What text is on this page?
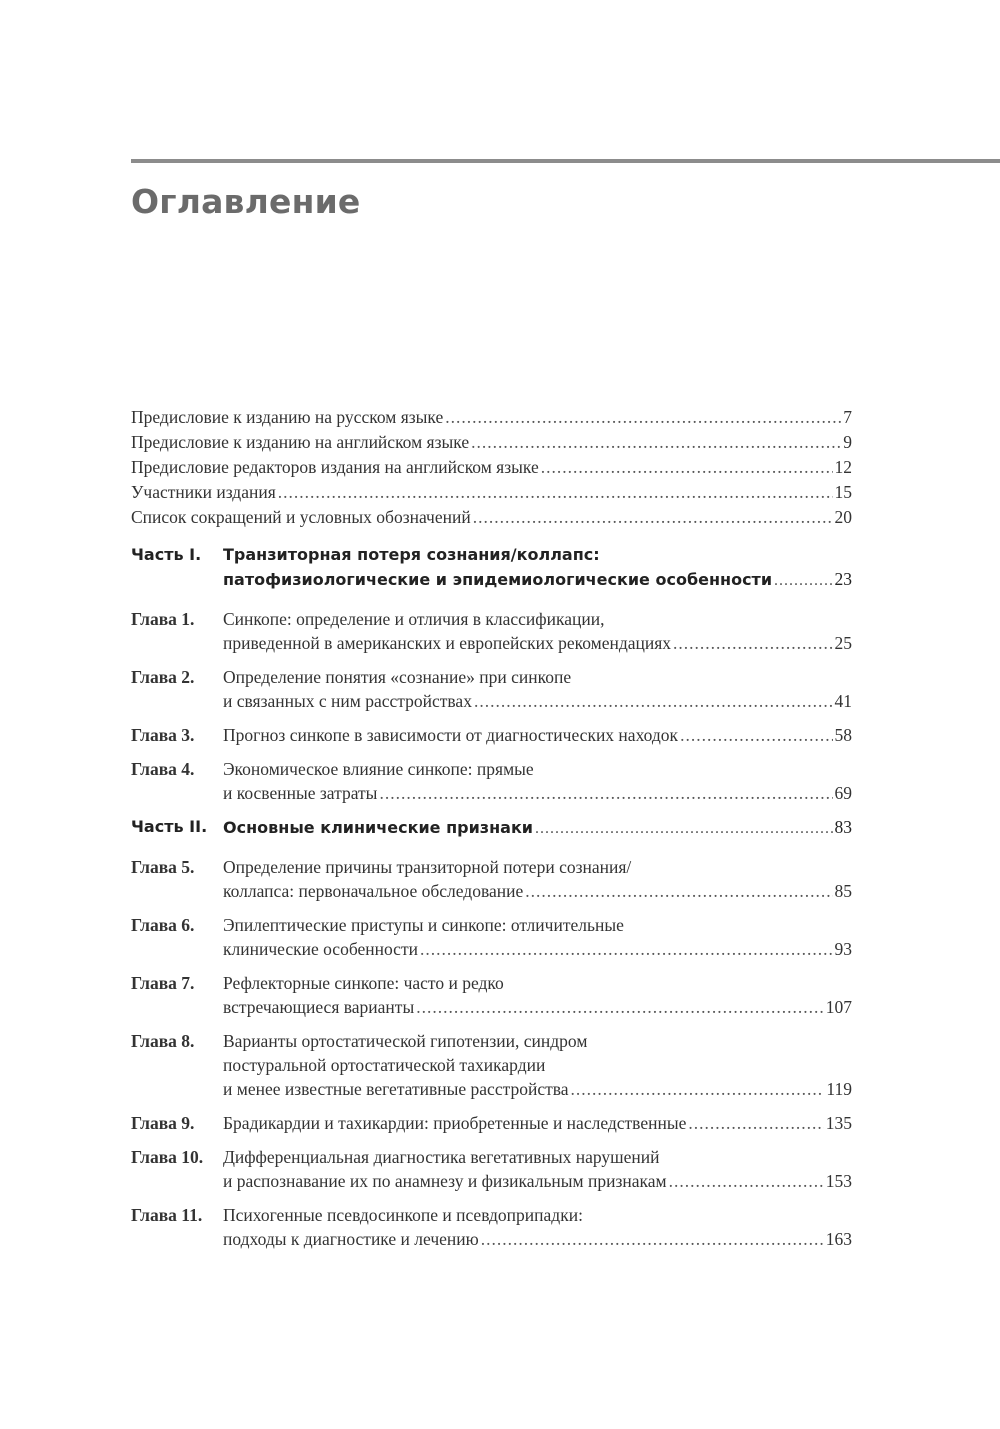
Оглавление
Предисловие к изданию на русском языке .....	7
Предисловие к изданию на английском языке .....	9
Предисловие редакторов издания на английском языке .....	12
Участники издания .....	15
Список сокращений и условных обозначений .....	20
Часть I.	Транзиторная потеря сознания/коллапс:
патофизиологические и эпидемиологические особенности .....	23
Глава 1.	Синкопе: определение и отличия в классификации,
приведенной в американских и европейских рекомендациях .....	25
Глава 2.	Определение понятия «сознание» при синкопе
и связанных с ним расстройствах .....	41
Глава 3.	Прогноз синкопе в зависимости от диагностических находок .....	58
Глава 4.	Экономическое влияние синкопе: прямые
и косвенные затраты .....	69
Часть II. Основные клинические признаки .....	83
Глава 5.	Определение причины транзиторной потери сознания/
коллапса: первоначальное обследование .....	85
Глава 6.	Эпилептические приступы и синкопе: отличительные
клинические особенности .....	93
Глава 7.	Рефлекторные синкопе: часто и редко
встречающиеся варианты .....	107
Глава 8.	Варианты ортостатической гипотензии, синдром
постуральной ортостатической тахикардии
и менее известные вегетативные расстройства .....	119
Глава 9.	Брадикардии и тахикардии: приобретенные и наследственные .....	135
Глава 10.	Дифференциальная диагностика вегетативных нарушений
и распознавание их по анамнезу и физикальным признакам .....	153
Глава 11.	Психогенные псевдосинкопе и псевдоприпадки:
подходы к диагностике и лечению .....	163
